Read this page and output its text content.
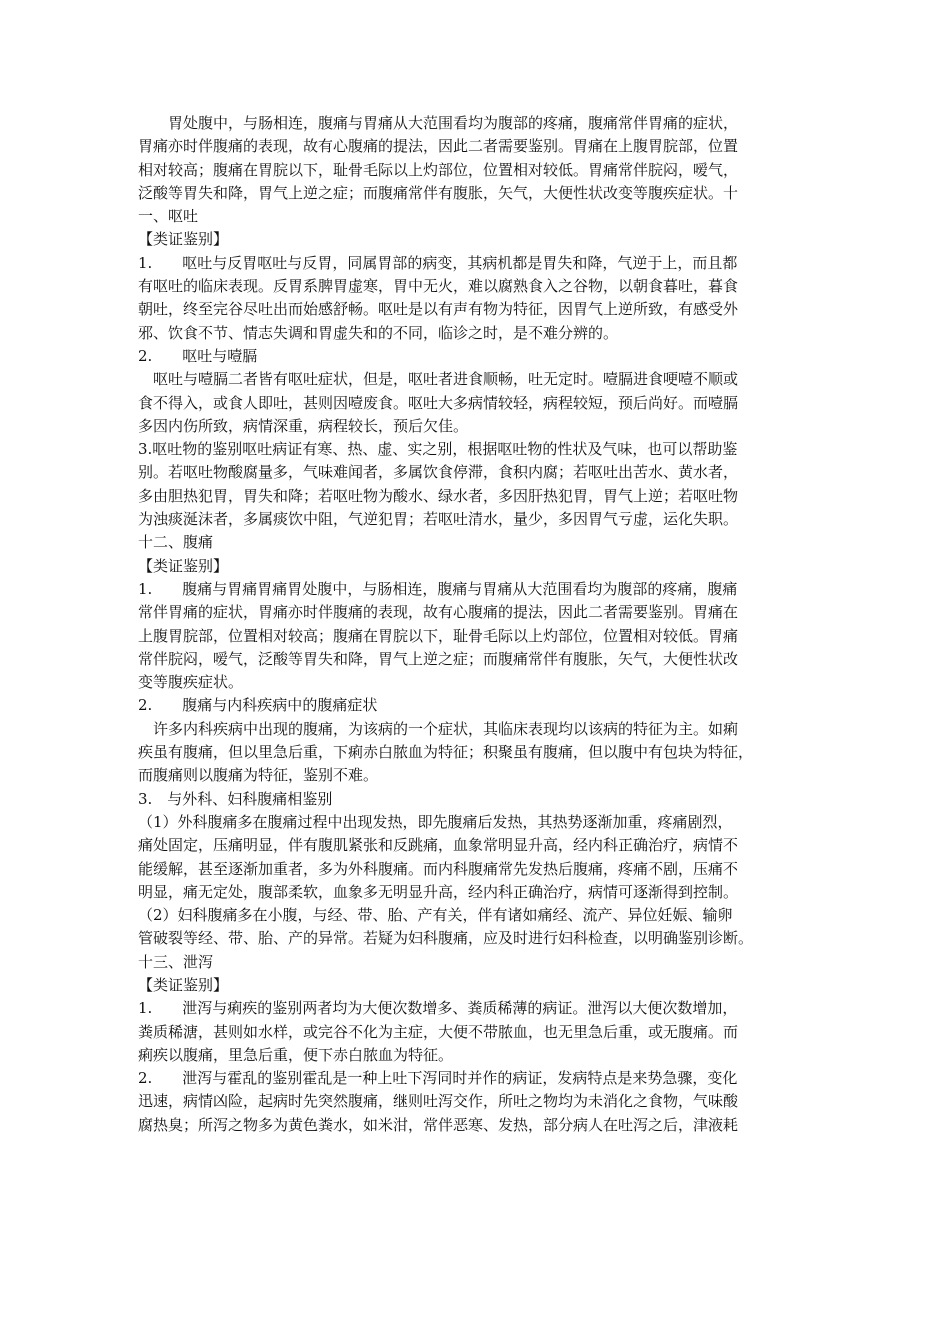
　　胃处腹中，与肠相连，腹痛与胃痛从大范围看均为腹部的疼痛，腹痛常伴胃痛的症状，
胃痛亦时伴腹痛的表现，故有心腹痛的提法，因此二者需要鉴别。胃痛在上腹胃脘部，位置
相对较高；腹痛在胃脘以下，耻骨毛际以上灼部位，位置相对较低。胃痛常伴脘闷，嗳气，
泛酸等胃失和降，胃气上逆之症；而腹痛常伴有腹胀，矢气，大便性状改变等腹疾症状。十
一、呕吐
【类证鉴别】
1.　　呕吐与反胃呕吐与反胃，同属胃部的病变，其病机都是胃失和降，气逆于上，而且都
有呕吐的临床表现。反胃系脾胃虚寒，胃中无火，难以腐熟食入之谷物，以朝食暮吐，暮食
朝吐，终至完谷尽吐出而始感舒畅。呕吐是以有声有物为特征，因胃气上逆所致，有感受外
邪、饮食不节、情志失调和胃虚失和的不同，临诊之时，是不难分辨的。
2.　　呕吐与噎膈
　呕吐与噎膈二者皆有呕吐症状，但是，呕吐者进食顺畅，吐无定时。噎膈进食哽噎不顺或
食不得入，或食人即吐，甚则因噎废食。呕吐大多病情较轻，病程较短，预后尚好。而噎膈
多因内伤所致，病情深重，病程较长，预后欠佳。
3.呕吐物的鉴别呕吐病证有寒、热、虚、实之别，根据呕吐物的性状及气味，也可以帮助鉴
别。若呕吐物酸腐量多，气味难闻者，多属饮食停滞，食积内腐；若呕吐出苦水、黄水者，
多由胆热犯胃，胃失和降；若呕吐物为酸水、绿水者，多因肝热犯胃，胃气上逆；若呕吐物
为浊痰涎沫者，多属痰饮中阻，气逆犯胃；若呕吐清水，量少，多因胃气亏虚，运化失职。
十二、腹痛
【类证鉴别】
1.　　腹痛与胃痛胃痛胃处腹中，与肠相连，腹痛与胃痛从大范围看均为腹部的疼痛，腹痛
常伴胃痛的症状，胃痛亦时伴腹痛的表现，故有心腹痛的提法，因此二者需要鉴别。胃痛在
上腹胃脘部，位置相对较高；腹痛在胃脘以下，耻骨毛际以上灼部位，位置相对较低。胃痛
常伴脘闷，嗳气，泛酸等胃失和降，胃气上逆之症；而腹痛常伴有腹胀，矢气，大便性状改
变等腹疾症状。
2.　　腹痛与内科疾病中的腹痛症状
　许多内科疾病中出现的腹痛，为该病的一个症状，其临床表现均以该病的特征为主。如痢
疾虽有腹痛，但以里急后重，下痢赤白脓血为特征；积聚虽有腹痛，但以腹中有包块为特征，
而腹痛则以腹痛为特征，鉴别不难。
3.　与外科、妇科腹痛相鉴别
（1）外科腹痛多在腹痛过程中出现发热，即先腹痛后发热，其热势逐渐加重，疼痛剧烈，
痛处固定，压痛明显，伴有腹肌紧张和反跳痛，血象常明显升高，经内科正确治疗，病情不
能缓解，甚至逐渐加重者，多为外科腹痛。而内科腹痛常先发热后腹痛，疼痛不剧，压痛不
明显，痛无定处，腹部柔软，血象多无明显升高，经内科正确治疗，病情可逐渐得到控制。
（2）妇科腹痛多在小腹，与经、带、胎、产有关，伴有诸如痛经、流产、异位妊娠、输卵
管破裂等经、带、胎、产的异常。若疑为妇科腹痛，应及时进行妇科检查，以明确鉴别诊断。
十三、泄泻
【类证鉴别】
1.　　泄泻与痢疾的鉴别两者均为大便次数增多、粪质稀薄的病证。泄泻以大便次数增加，
粪质稀溏，甚则如水样，或完谷不化为主症，大便不带脓血，也无里急后重，或无腹痛。而
痢疾以腹痛，里急后重，便下赤白脓血为特征。
2.　　泄泻与霍乱的鉴别霍乱是一种上吐下泻同时并作的病证，发病特点是来势急骤，变化
迅速，病情凶险，起病时先突然腹痛，继则吐泻交作，所吐之物均为未消化之食物，气味酸
腐热臭；所泻之物多为黄色粪水，如米泔，常伴恶寒、发热，部分病人在吐泻之后，津液耗
